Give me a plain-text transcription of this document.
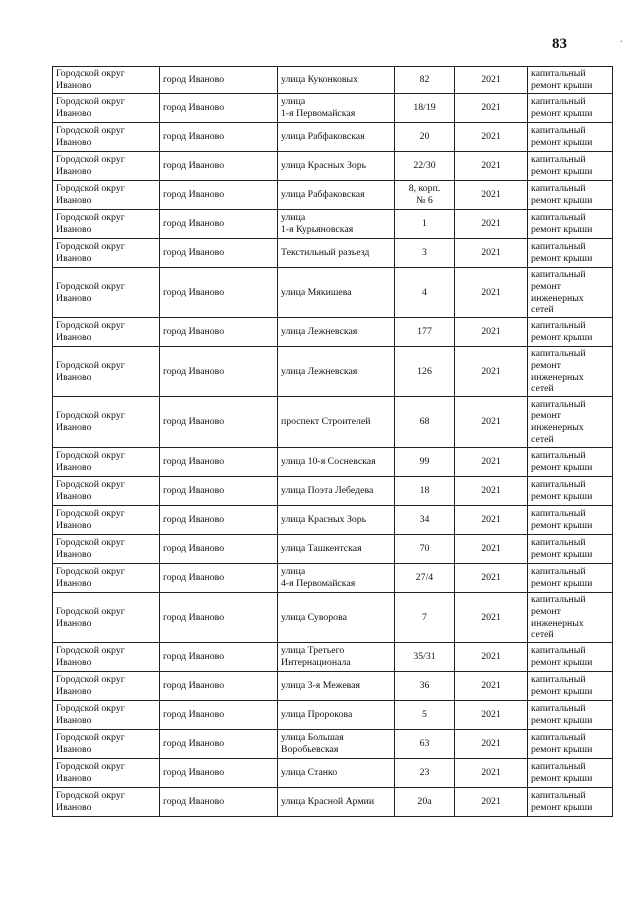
83	.
Городской округ
Иваново	город Иваново	улица Куконковых	82	2021	капитальный
ремонт крыши

Городской округ
Иваново	город Иваново	улица
1-я Первомайская	18/19	2021	капитальный
ремонт крыши

Городской округ
Иваново	город Иваново	улица Рабфаковская	20	2021	капитальный
ремонт крыши

Городской округ
Иваново	город Иваново	улица Красных Зорь	22/30	2021	капитальный
ремонт крыши

Городской округ
Иваново	город Иваново	улица Рабфаковская	8, корп.
№ 6	2021	капитальный
ремонт крыши

Городской округ
Иваново	город Иваново	улица
1-я Курьяновская	1	2021	капитальный
ремонт крыши

Городской округ
Иваново	город Иваново	Текстильный разъезд	3	2021	капитальный
ремонт крыши

Городской округ
Иваново	город Иваново	улица Мякишева	4	2021	капитальный
ремонт
инженерных
сетей

Городской округ
Иваново	город Иваново	улица Лежневская	177	2021	капитальный
ремонт крыши

Городской округ
Иваново	город Иваново	улица Лежневская	126	2021	капитальный
ремонт
инженерных
сетей

Городской округ
Иваново	город Иваново	проспект Строителей	68	2021	капитальный
ремонт
инженерных
сетей

Городской округ
Иваново	город Иваново	улица 10-я Сосневская	99	2021	капитальный
ремонт крыши

Городской округ
Иваново	город Иваново	улица Поэта Лебедева	18	2021	капитальный
ремонт крыши

Городской округ
Иваново	город Иваново	улица Красных Зорь	34	2021	капитальный
ремонт крыши

Городской округ
Иваново	город Иваново	улица Ташкентская	70	2021	капитальный
ремонт крыши

Городской округ
Иваново	город Иваново	улица
4-я Первомайская	27/4	2021	капитальный
ремонт крыши

Городской округ
Иваново	город Иваново	улица Суворова	7	2021	капитальный
ремонт
инженерных
сетей

Городской округ
Иваново	город Иваново	улица Третьего
Интернационала	35/31	2021	капитальный
ремонт крыши

Городской округ
Иваново	город Иваново	улица 3-я Межевая	36	2021	капитальный
ремонт крыши

Городской округ
Иваново	город Иваново	улица Пророкова	5	2021	капитальный
ремонт крыши

Городской округ
Иваново	город Иваново	улица Большая
Воробьевская	63	2021	капитальный
ремонт крыши

Городской округ
Иваново	город Иваново	улица Станко	23	2021	капитальный
ремонт крыши

Городской округ
Иваново	город Иваново	улица Красной Армии	20а	2021	капитальный
ремонт крыши
